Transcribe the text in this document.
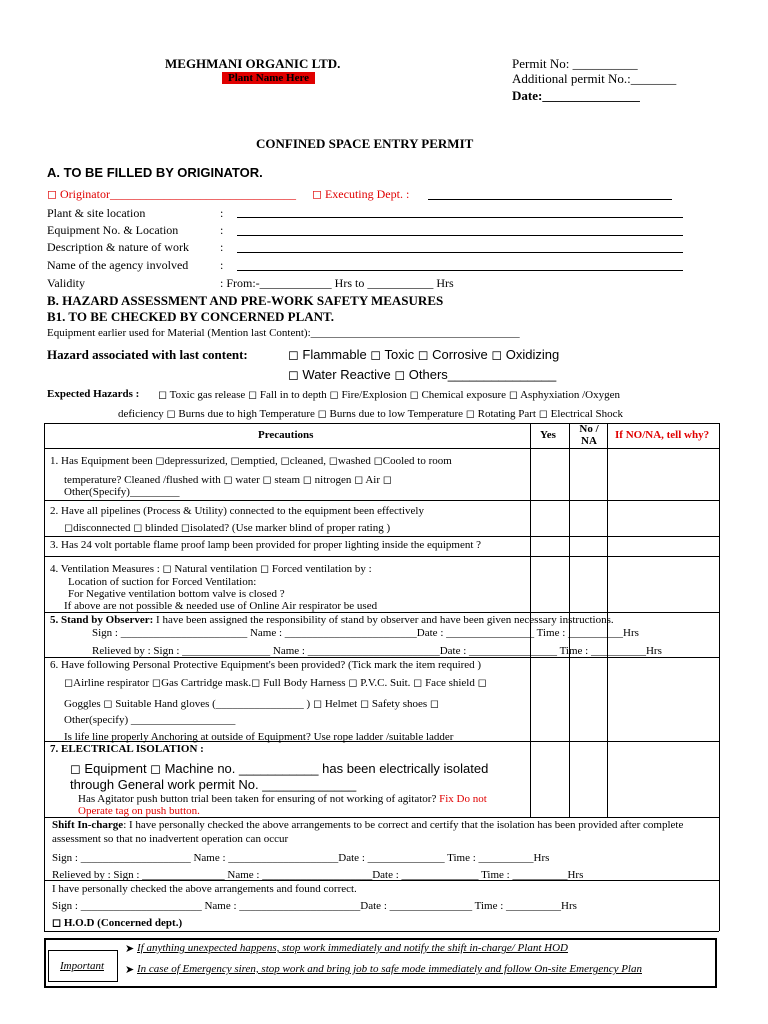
MEGHMANI ORGANIC LTD.
Plant Name Here
Permit No: __________
Additional permit No.:_______
Date:_______________
CONFINED SPACE ENTRY PERMIT
A. TO BE FILLED BY ORIGINATOR.
◻ Originator_______________________________ ◻ Executing Dept. :
Plant & site location	:
Equipment No. & Location	:
Description & nature of work	:
Name of the agency involved	:
Validity	: From:-____________ Hrs to ___________ Hrs
B. HAZARD ASSESSMENT AND PRE-WORK SAFETY MEASURES
B1. TO BE CHECKED BY CONCERNED PLANT.
Equipment earlier used for Material (Mention last Content):______________________________________
Hazard associated with last content:	◻ Flammable ◻ Toxic ◻ Corrosive ◻ Oxidizing
◻ Water Reactive ◻ Others_______________
Expected Hazards : ◻ Toxic gas release ◻ Fall in to depth ◻ Fire/Explosion ◻ Chemical exposure ◻ Asphyxiation /Oxygen
deficiency ◻ Burns due to high Temperature ◻ Burns due to low Temperature ◻ Rotating Part ◻ Electrical Shock
Precautions	Yes	No / NA	If NO/NA, tell why?
1. Has Equipment been ◻depressurized, ◻emptied, ◻cleaned, ◻washed ◻Cooled to room
temperature? Cleaned /flushed with ◻ water ◻ steam ◻ nitrogen ◻ Air ◻
Other(Specify)_________
2. Have all pipelines (Process & Utility) connected to the equipment been effectively
◻disconnected ◻ blinded ◻isolated? (Use marker blind of proper rating )
3. Has 24 volt portable flame proof lamp been provided for proper lighting inside the equipment ?
4. Ventilation Measures : ◻ Natural ventilation ◻ Forced ventilation by :
Location of suction for Forced Ventilation:
For Negative ventilation bottom valve is closed ?
If above are not possible & needed use of Online Air respirator be used
5. Stand by Observer: I have been assigned the responsibility of stand by observer and have been given necessary instructions.
Sign : _______________________ Name : ________________________Date : ________________ Time : __________Hrs
Relieved by : Sign : ________________ Name : ________________________Date : ________________ Time : __________Hrs
6. Have following Personal Protective Equipment's been provided? (Tick mark the item required )
◻Airline respirator ◻Gas Cartridge mask.◻ Full Body Harness ◻ P.V.C. Suit. ◻ Face shield ◻
Goggles ◻ Suitable Hand gloves (________________ ) ◻ Helmet ◻ Safety shoes ◻
Other(specify) ___________________
Is life line properly Anchoring at outside of Equipment? Use rope ladder /suitable ladder
7. ELECTRICAL ISOLATION :
◻ Equipment ◻ Machine no. ___________ has been electrically isolated
through General work permit No. _____________
Has Agitator push button trial been taken for ensuring of not working of agitator? Fix Do not
Operate tag on push button.
Shift In-charge: I have personally checked the above arrangements to be correct and certify that the isolation has been provided after complete
assessment so that no inadvertent operation can occur
Sign : ____________________ Name : ____________________Date : ______________ Time : __________Hrs
Relieved by : Sign : _______________ Name : ____________________Date : ______________ Time : __________Hrs
I have personally checked the above arrangements and found correct.
Sign : ______________________ Name : ______________________Date : _______________ Time : __________Hrs
◻ H.O.D (Concerned dept.)
Important
➤ If anything unexpected happens, stop work immediately and notify the shift in-charge/ Plant HOD
➤ In case of Emergency siren, stop work and bring job to safe mode immediately and follow On-site Emergency Plan
